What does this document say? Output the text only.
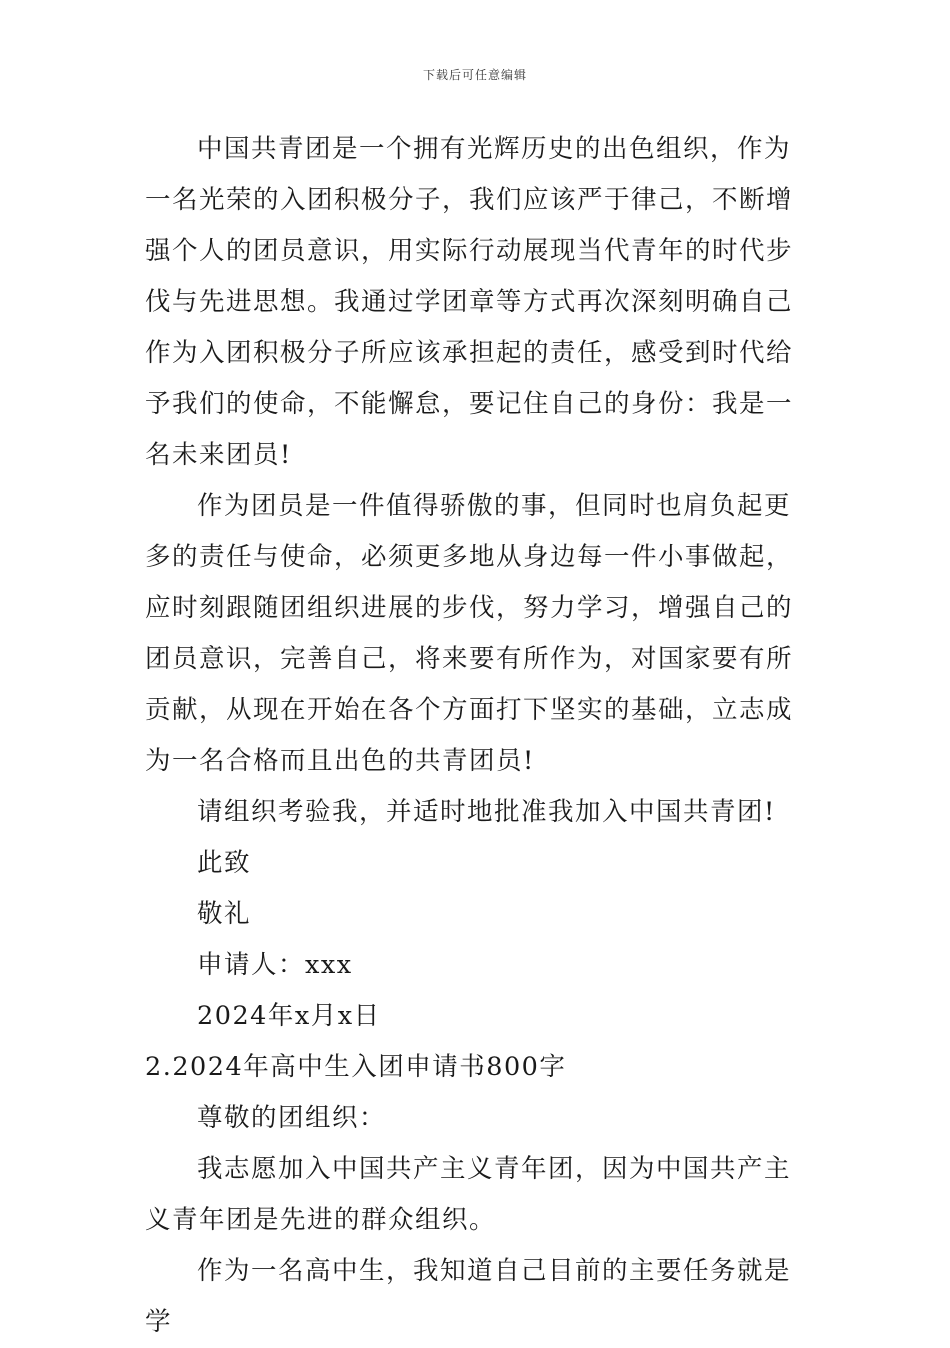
下载后可任意编辑

中国共青团是一个拥有光辉历史的出色组织，作为一名光荣的入团积极分子，我们应该严于律己，不断增强个人的团员意识，用实际行动展现当代青年的时代步伐与先进思想。我通过学团章等方式再次深刻明确自己作为入团积极分子所应该承担起的责任，感受到时代给予我们的使命，不能懈怠，要记住自己的身份：我是一名未来团员!

作为团员是一件值得骄傲的事，但同时也肩负起更多的责任与使命，必须更多地从身边每一件小事做起，应时刻跟随团组织进展的步伐，努力学习，增强自己的团员意识，完善自己，将来要有所作为，对国家要有所贡献，从现在开始在各个方面打下坚实的基础，立志成为一名合格而且出色的共青团员!

请组织考验我，并适时地批准我加入中国共青团!

此致

敬礼

申请人：xxx

2024年x月x日

2.2024年高中生入团申请书800字

尊敬的团组织：

我志愿加入中国共产主义青年团，因为中国共产主义青年团是先进的群众组织。

作为一名高中生，我知道自己目前的主要任务就是学
